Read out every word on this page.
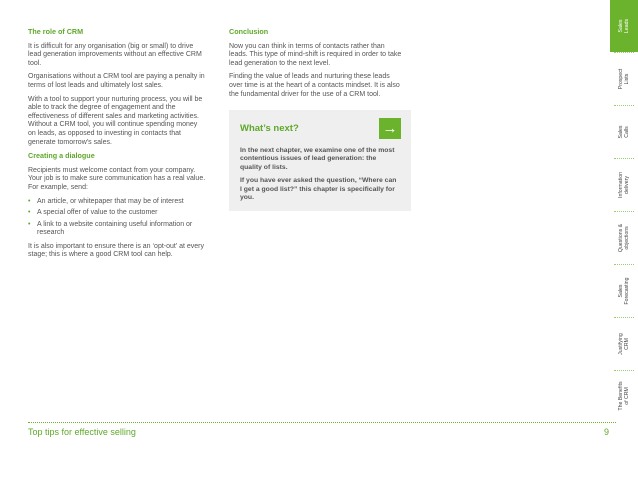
The role of CRM

It is difficult for any organisation (big or small) to drive lead generation improvements without an effective CRM tool.

Organisations without a CRM tool are paying a penalty in terms of lost leads and ultimately lost sales.

With a tool to support your nurturing process, you will be able to track the degree of engagement and the effectiveness of different sales and marketing activities. Without a CRM tool, you will continue spending money on leads, as opposed to investing in contacts that generate tomorrow’s sales.

Creating a dialogue

Recipients must welcome contact from your company. Your job is to make sure communication has a real value. For example, send:

• An article, or whitepaper that may be of interest
• A special offer of value to the customer
• A link to a website containing useful information or research

It is also important to ensure there is an ‘opt-out’ at every stage; this is where a good CRM tool can help.

Conclusion

Now you can think in terms of contacts rather than leads. This type of mind-shift is required in order to take lead generation to the next level.

Finding the value of leads and nurturing these leads over time is at the heart of a contacts mindset. It is also the fundamental driver for the use of a CRM tool.

What’s next?	→

In the next chapter, we examine one of the most contentious issues of lead generation: the quality of lists.

If you have ever asked the question, “Where can I get a good list?” this chapter is specifically for you.

Sales
Leads
Prospect
Lists
Sales
Calls
Information
delivery
Questions &
objections
Sales
Forecasting
Justifying
CRM
The Benefits
of CRM
Top tips for effective selling	9
